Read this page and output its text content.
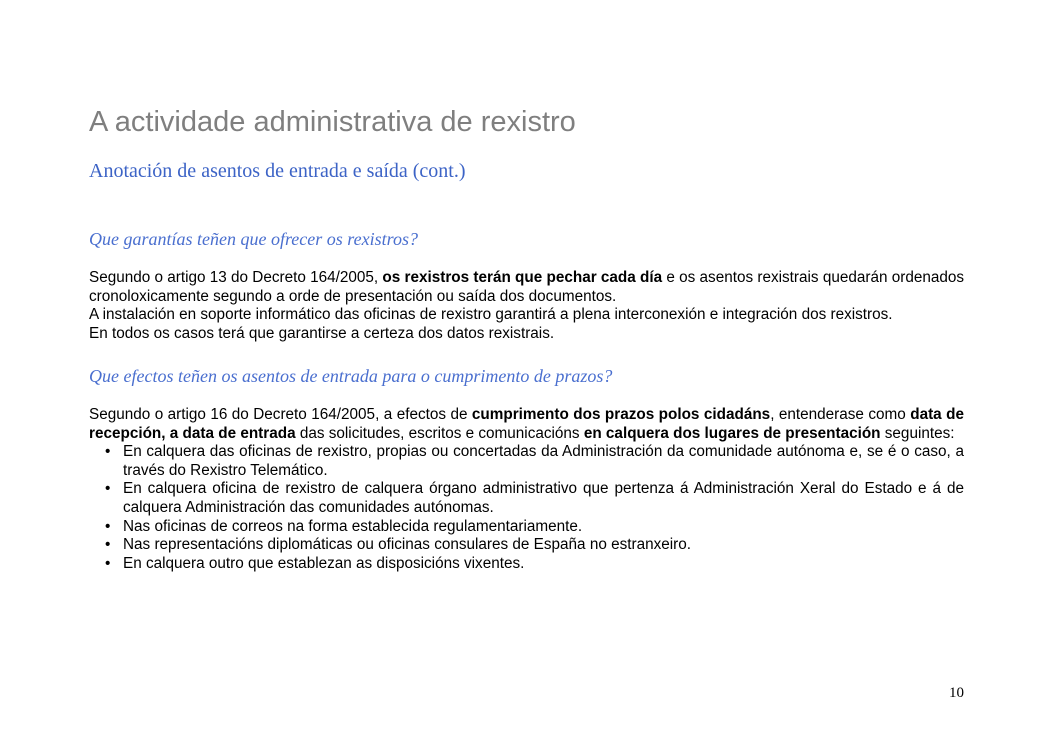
A actividade administrativa de rexistro
Anotación de asentos de entrada e saída (cont.)
Que garantías teñen que ofrecer os rexistros?

Segundo o artigo 13 do Decreto 164/2005, os rexistros terán que pechar cada día e os asentos rexistrais quedarán ordenados cronoloxicamente segundo a orde de presentación ou saída dos documentos.

A instalación en soporte informático das oficinas de rexistro garantirá a plena interconexión e integración dos rexistros.

En todos os casos terá que garantirse a certeza dos datos rexistrais.

Que efectos teñen os asentos de entrada para o cumprimento de prazos?

Segundo o artigo 16 do Decreto 164/2005, a efectos de cumprimento dos prazos polos cidadáns, entenderase como data de recepción, a data de entrada das solicitudes, escritos e comunicacións en calquera dos lugares de presentación seguintes:

• En calquera das oficinas de rexistro, propias ou concertadas da Administración da comunidade autónoma e, se é o caso, a través do Rexistro Telemático.
• En calquera oficina de rexistro de calquera órgano administrativo que pertenza á Administración Xeral do Estado e á de calquera Administración das comunidades autónomas.
• Nas oficinas de correos na forma establecida regulamentariamente.
• Nas representacións diplomáticas ou oficinas consulares de España no estranxeiro.
• En calquera outro que establezan as disposicións vixentes.
10
